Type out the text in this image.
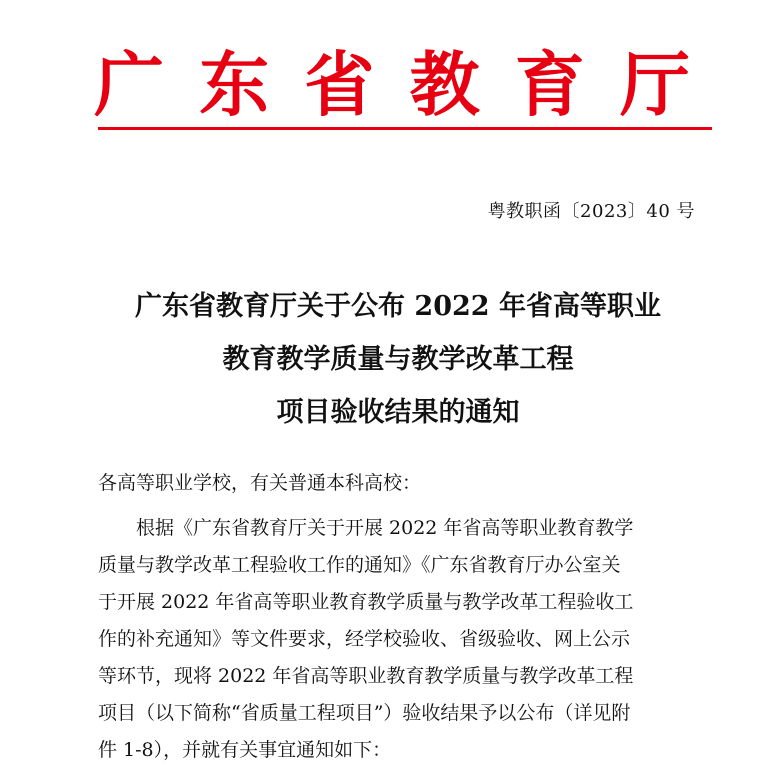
广 东 省 教 育 厅
粤教职函〔2023〕40 号
广东省教育厅关于公布 2022 年省高等职业
教育教学质量与教学改革工程
项目验收结果的通知
各高等职业学校，有关普通本科高校：
根据《广东省教育厅关于开展 2022 年省高等职业教育教学
质量与教学改革工程验收工作的通知》《广东省教育厅办公室关
于开展 2022 年省高等职业教育教学质量与教学改革工程验收工
作的补充通知》等文件要求，经学校验收、省级验收、网上公示
等环节，现将 2022 年省高等职业教育教学质量与教学改革工程
项目（以下简称“省质量工程项目”）验收结果予以公布（详见附
件 1-8），并就有关事宜通知如下：
